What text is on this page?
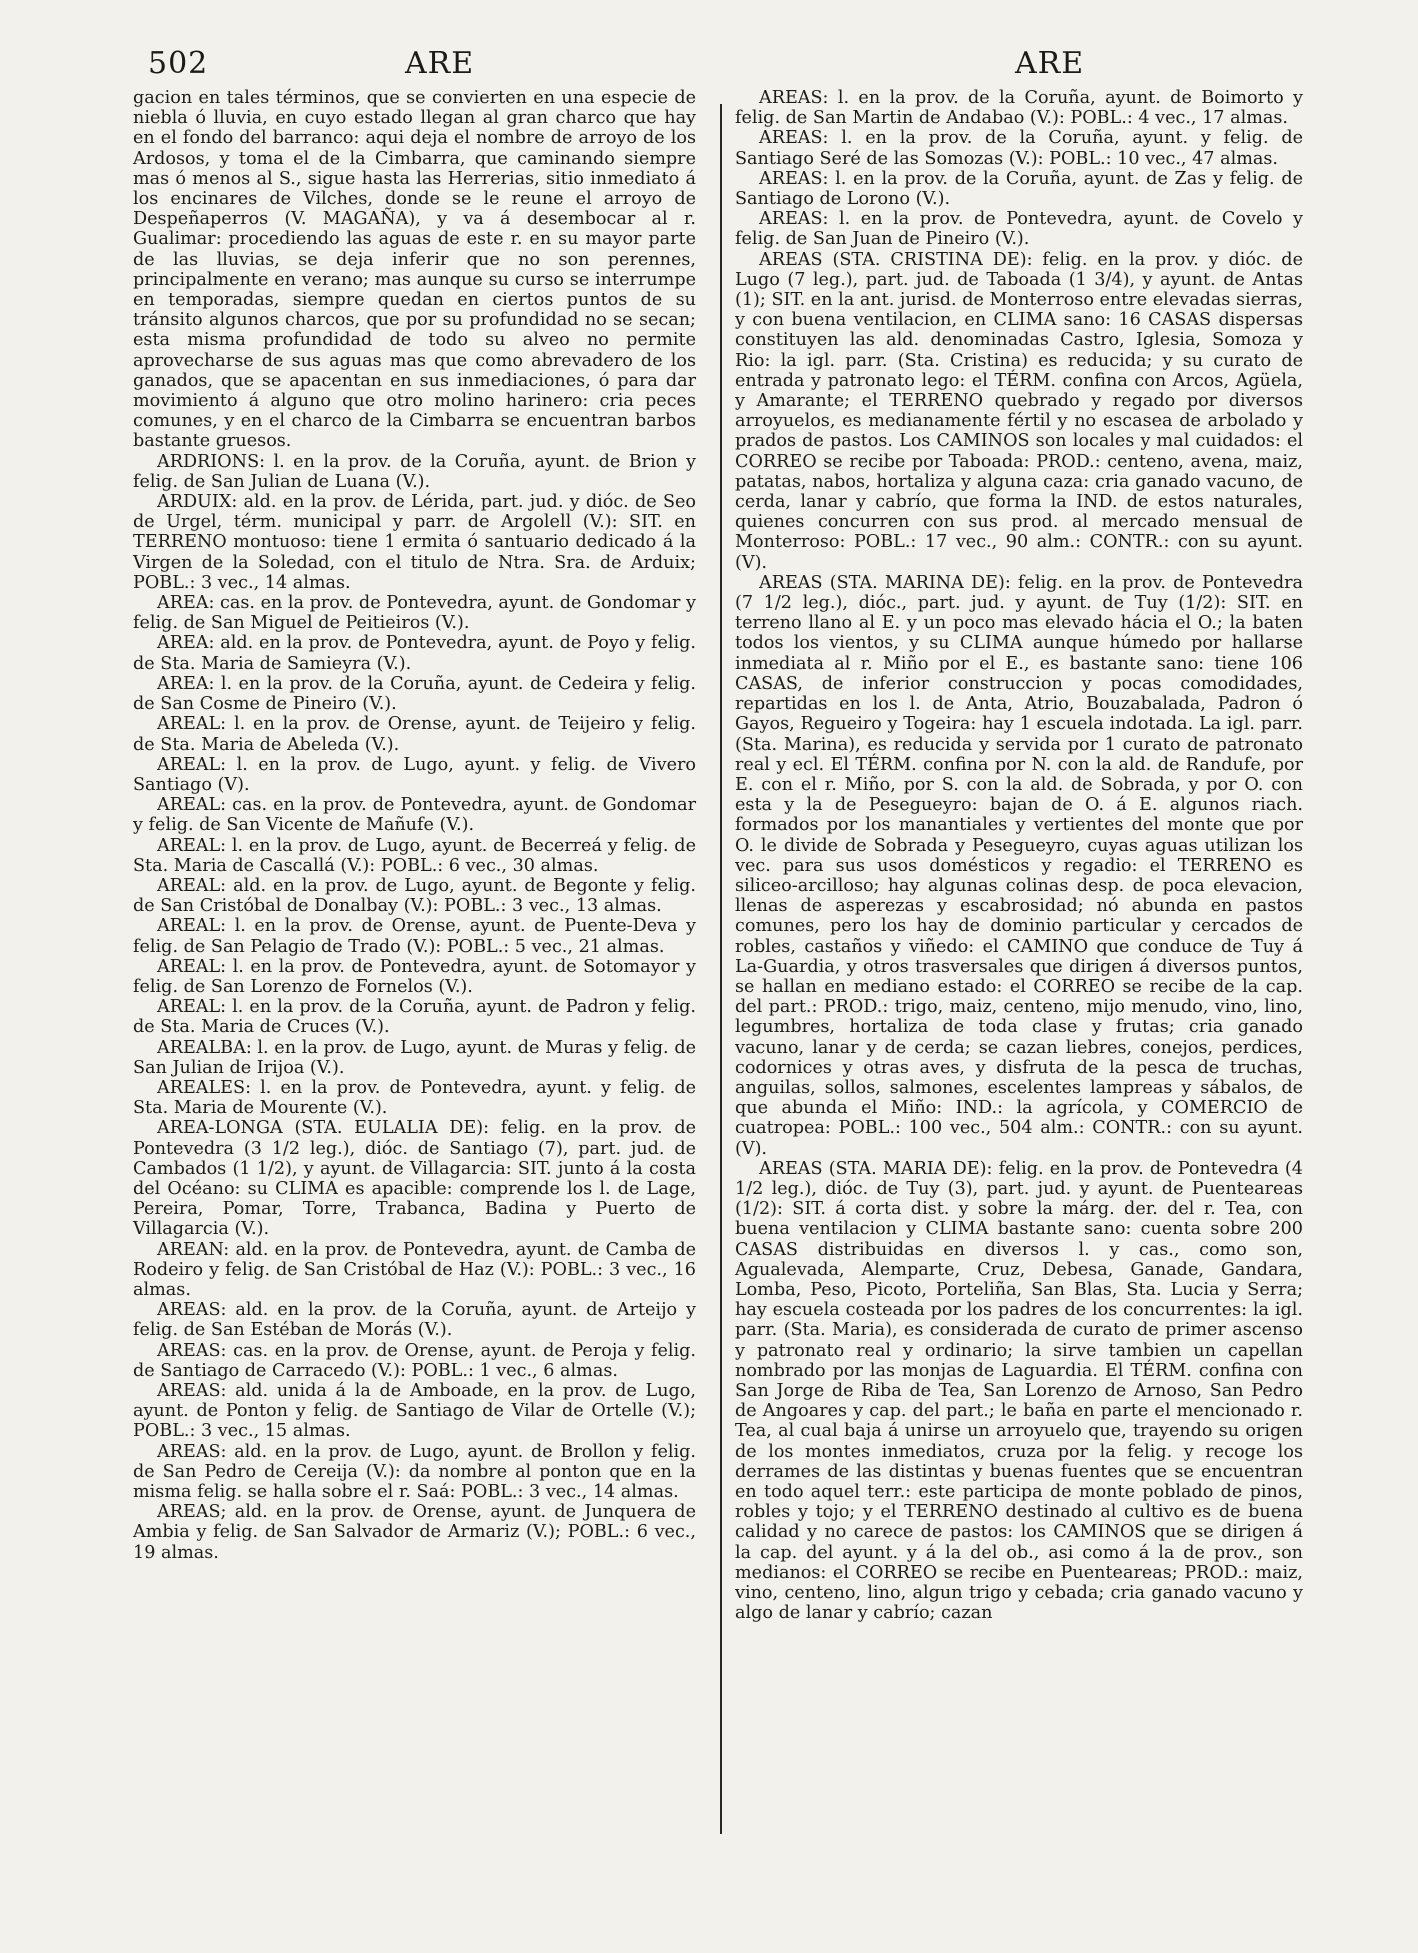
502	ARE	ARE

gacion en tales términos, que se convierten en una especie de niebla ó lluvia, en cuyo estado llegan al gran charco que hay en el fondo del barranco: aqui deja el nombre de arroyo de los Ardosos, y toma el de la Cimbarra, que caminando siempre mas ó menos al S., sigue hasta las Herrerias, sitio inmediato á los encinares de Vilches, donde se le reune el arroyo de Despeñaperros (V. MAGAÑA), y va á desembocar al r. Gualimar: procediendo las aguas de este r. en su mayor parte de las lluvias, se deja inferir que no son perennes, principalmente en verano; mas aunque su curso se interrumpe en temporadas, siempre quedan en ciertos puntos de su tránsito algunos charcos, que por su profundidad no se secan; esta misma profundidad de todo su alveo no permite aprovecharse de sus aguas mas que como abrevadero de los ganados, que se apacentan en sus inmediaciones, ó para dar movimiento á alguno que otro molino harinero: cria peces comunes, y en el charco de la Cimbarra se encuentran barbos bastante gruesos.

ARDRIONS: l. en la prov. de la Coruña, ayunt. de Brion y felig. de San Julian de Luana (V.).

ARDUIX: ald. en la prov. de Lérida, part. jud. y dióc. de Seo de Urgel, térm. municipal y parr. de Argolell (V.): SIT. en TERRENO montuoso: tiene 1 ermita ó santuario dedicado á la Virgen de la Soledad, con el titulo de Ntra. Sra. de Arduix; POBL.: 3 vec., 14 almas.

AREA: cas. en la prov. de Pontevedra, ayunt. de Gondomar y felig. de San Miguel de Peitieiros (V.).

AREA: ald. en la prov. de Pontevedra, ayunt. de Poyo y felig. de Sta. Maria de Samieyra (V.).

AREA: l. en la prov. de la Coruña, ayunt. de Cedeira y felig. de San Cosme de Pineiro (V.).

AREAL: l. en la prov. de Orense, ayunt. de Teijeiro y felig. de Sta. Maria de Abeleda (V.).

AREAL: l. en la prov. de Lugo, ayunt. y felig. de Vivero Santiago (V).

AREAL: cas. en la prov. de Pontevedra, ayunt. de Gondomar y felig. de San Vicente de Mañufe (V.).

AREAL: l. en la prov. de Lugo, ayunt. de Becerreá y felig. de Sta. Maria de Cascallá (V.): POBL.: 6 vec., 30 almas.

AREAL: ald. en la prov. de Lugo, ayunt. de Begonte y felig. de San Cristóbal de Donalbay (V.): POBL.: 3 vec., 13 almas.

AREAL: l. en la prov. de Orense, ayunt. de Puente-Deva y felig. de San Pelagio de Trado (V.): POBL.: 5 vec., 21 almas.

AREAL: l. en la prov. de Pontevedra, ayunt. de Sotomayor y felig. de San Lorenzo de Fornelos (V.).

AREAL: l. en la prov. de la Coruña, ayunt. de Padron y felig. de Sta. Maria de Cruces (V.).

AREALBA: l. en la prov. de Lugo, ayunt. de Muras y felig. de San Julian de Irijoa (V.).

AREALES: l. en la prov. de Pontevedra, ayunt. y felig. de Sta. Maria de Mourente (V.).

AREA-LONGA (STA. EULALIA DE): felig. en la prov. de Pontevedra (3 1/2 leg.), dióc. de Santiago (7), part. jud. de Cambados (1 1/2), y ayunt. de Villagarcia: SIT. junto á la costa del Océano: su CLIMA es apacible: comprende los l. de Lage, Pereira, Pomar, Torre, Trabanca, Badina y Puerto de Villagarcia (V.).

AREAN: ald. en la prov. de Pontevedra, ayunt. de Camba de Rodeiro y felig. de San Cristóbal de Haz (V.): POBL.: 3 vec., 16 almas.

AREAS: ald. en la prov. de la Coruña, ayunt. de Arteijo y felig. de San Estéban de Morás (V.).

AREAS: cas. en la prov. de Orense, ayunt. de Peroja y felig. de Santiago de Carracedo (V.): POBL.: 1 vec., 6 almas.

AREAS: ald. unida á la de Amboade, en la prov. de Lugo, ayunt. de Ponton y felig. de Santiago de Vilar de Ortelle (V.); POBL.: 3 vec., 15 almas.

AREAS: ald. en la prov. de Lugo, ayunt. de Brollon y felig. de San Pedro de Cereija (V.): da nombre al ponton que en la misma felig. se halla sobre el r. Saá: POBL.: 3 vec., 14 almas.

AREAS; ald. en la prov. de Orense, ayunt. de Junquera de Ambia y felig. de San Salvador de Armariz (V.); POBL.: 6 vec., 19 almas.

AREAS: l. en la prov. de la Coruña, ayunt. de Boimorto y felig. de San Martin de Andabao (V.): POBL.: 4 vec., 17 almas.

AREAS: l. en la prov. de la Coruña, ayunt. y felig. de Santiago Seré de las Somozas (V.): POBL.: 10 vec., 47 almas.

AREAS: l. en la prov. de la Coruña, ayunt. de Zas y felig. de Santiago de Lorono (V.).

AREAS: l. en la prov. de Pontevedra, ayunt. de Covelo y felig. de San Juan de Pineiro (V.).

AREAS (STA. CRISTINA DE): felig. en la prov. y dióc. de Lugo (7 leg.), part. jud. de Taboada (1 3/4), y ayunt. de Antas (1); SIT. en la ant. jurisd. de Monterroso entre elevadas sierras, y con buena ventilacion, en CLIMA sano: 16 CASAS dispersas constituyen las ald. denominadas Castro, Iglesia, Somoza y Rio: la igl. parr. (Sta. Cristina) es reducida; y su curato de entrada y patronato lego: el TÉRM. confina con Arcos, Agüela, y Amarante; el TERRENO quebrado y regado por diversos arroyuelos, es medianamente fértil y no escasea de arbolado y prados de pastos. Los CAMINOS son locales y mal cuidados: el CORREO se recibe por Taboada: PROD.: centeno, avena, maiz, patatas, nabos, hortaliza y alguna caza: cria ganado vacuno, de cerda, lanar y cabrío, que forma la IND. de estos naturales, quienes concurren con sus prod. al mercado mensual de Monterroso: POBL.: 17 vec., 90 alm.: CONTR.: con su ayunt. (V).

AREAS (STA. MARINA DE): felig. en la prov. de Pontevedra (7 1/2 leg.), dióc., part. jud. y ayunt. de Tuy (1/2): SIT. en terreno llano al E. y un poco mas elevado hácia el O.; la baten todos los vientos, y su CLIMA aunque húmedo por hallarse inmediata al r. Miño por el E., es bastante sano: tiene 106 CASAS, de inferior construccion y pocas comodidades, repartidas en los l. de Anta, Atrio, Bouzabalada, Padron ó Gayos, Regueiro y Togeira: hay 1 escuela indotada. La igl. parr. (Sta. Marina), es reducida y servida por 1 curato de patronato real y ecl. El TÉRM. confina por N. con la ald. de Randufe, por E. con el r. Miño, por S. con la ald. de Sobrada, y por O. con esta y la de Pesegueyro: bajan de O. á E. algunos riach. formados por los manantiales y vertientes del monte que por O. le divide de Sobrada y Pesegueyro, cuyas aguas utilizan los vec. para sus usos domésticos y regadio: el TERRENO es siliceo-arcilloso; hay algunas colinas desp. de poca elevacion, llenas de asperezas y escabrosidad; nó abunda en pastos comunes, pero los hay de dominio particular y cercados de robles, castaños y viñedo: el CAMINO que conduce de Tuy á La-Guardia, y otros trasversales que dirigen á diversos puntos, se hallan en mediano estado: el CORREO se recibe de la cap. del part.: PROD.: trigo, maiz, centeno, mijo menudo, vino, lino, legumbres, hortaliza de toda clase y frutas; cria ganado vacuno, lanar y de cerda; se cazan liebres, conejos, perdices, codornices y otras aves, y disfruta de la pesca de truchas, anguilas, sollos, salmones, escelentes lampreas y sábalos, de que abunda el Miño: IND.: la agrícola, y COMERCIO de cuatropea: POBL.: 100 vec., 504 alm.: CONTR.: con su ayunt. (V).

AREAS (STA. MARIA DE): felig. en la prov. de Pontevedra (4 1/2 leg.), dióc. de Tuy (3), part. jud. y ayunt. de Puenteareas (1/2): SIT. á corta dist. y sobre la márg. der. del r. Tea, con buena ventilacion y CLIMA bastante sano: cuenta sobre 200 CASAS distribuidas en diversos l. y cas., como son, Agualevada, Alemparte, Cruz, Debesa, Ganade, Gandara, Lomba, Peso, Picoto, Porteliña, San Blas, Sta. Lucia y Serra; hay escuela costeada por los padres de los concurrentes: la igl. parr. (Sta. Maria), es considerada de curato de primer ascenso y patronato real y ordinario; la sirve tambien un capellan nombrado por las monjas de Laguardia. El TÉRM. confina con San Jorge de Riba de Tea, San Lorenzo de Arnoso, San Pedro de Angoares y cap. del part.; le baña en parte el mencionado r. Tea, al cual baja á unirse un arroyuelo que, trayendo su origen de los montes inmediatos, cruza por la felig. y recoge los derrames de las distintas y buenas fuentes que se encuentran en todo aquel terr.: este participa de monte poblado de pinos, robles y tojo; y el TERRENO destinado al cultivo es de buena calidad y no carece de pastos: los CAMINOS que se dirigen á la cap. del ayunt. y á la del ob., asi como á la de prov., son medianos: el CORREO se recibe en Puenteareas; PROD.: maiz, vino, centeno, lino, algun trigo y cebada; cria ganado vacuno y algo de lanar y cabrío; cazan
